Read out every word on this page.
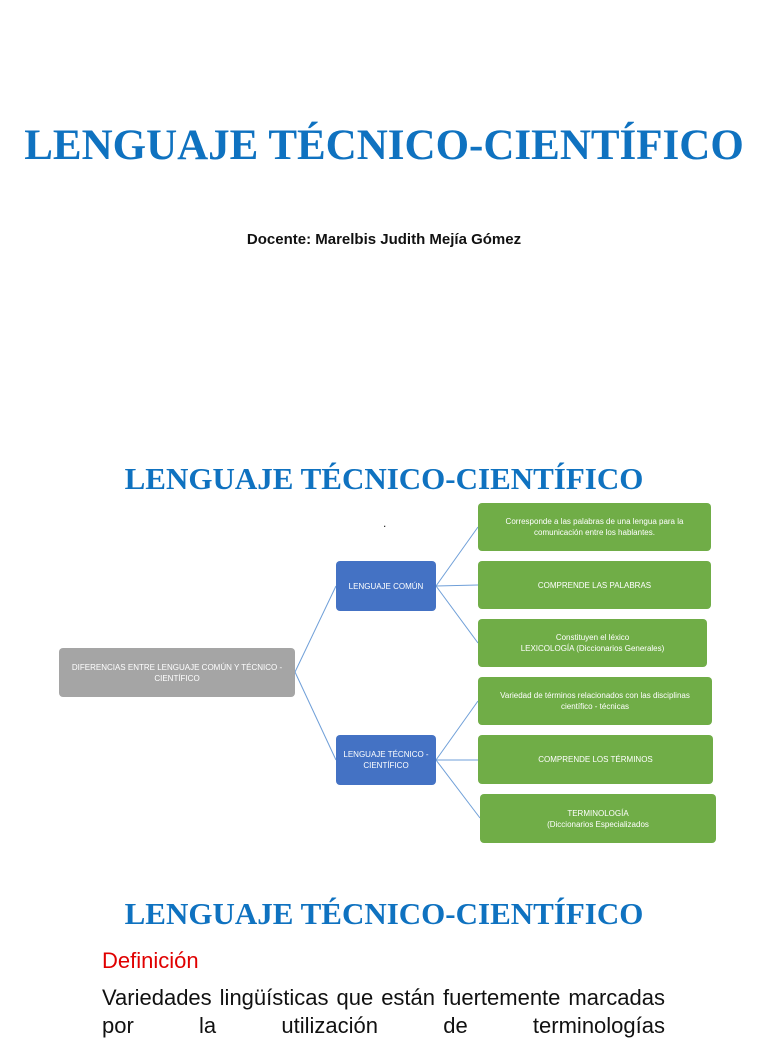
LENGUAJE TÉCNICO-CIENTÍFICO
Docente: Marelbis Judith Mejía Gómez
LENGUAJE TÉCNICO-CIENTÍFICO
.
DIFERENCIAS ENTRE LENGUAJE COMÚN Y TÉCNICO - CIENTÍFICO
LENGUAJE COMÚN
LENGUAJE TÉCNICO - CIENTÍFICO
Corresponde a las palabras de una lengua para la comunicación entre los hablantes.
COMPRENDE LAS PALABRAS
Constituyen el léxico
LEXICOLOGÍA (Diccionarios Generales)
Variedad de términos relacionados con las disciplinas científico - técnicas
COMPRENDE LOS TÉRMINOS
TERMINOLOGÍA
(Diccionarios Especializados
LENGUAJE TÉCNICO-CIENTÍFICO
Definición
Variedades lingüísticas que están fuertemente marcadas por la utilización de terminologías
